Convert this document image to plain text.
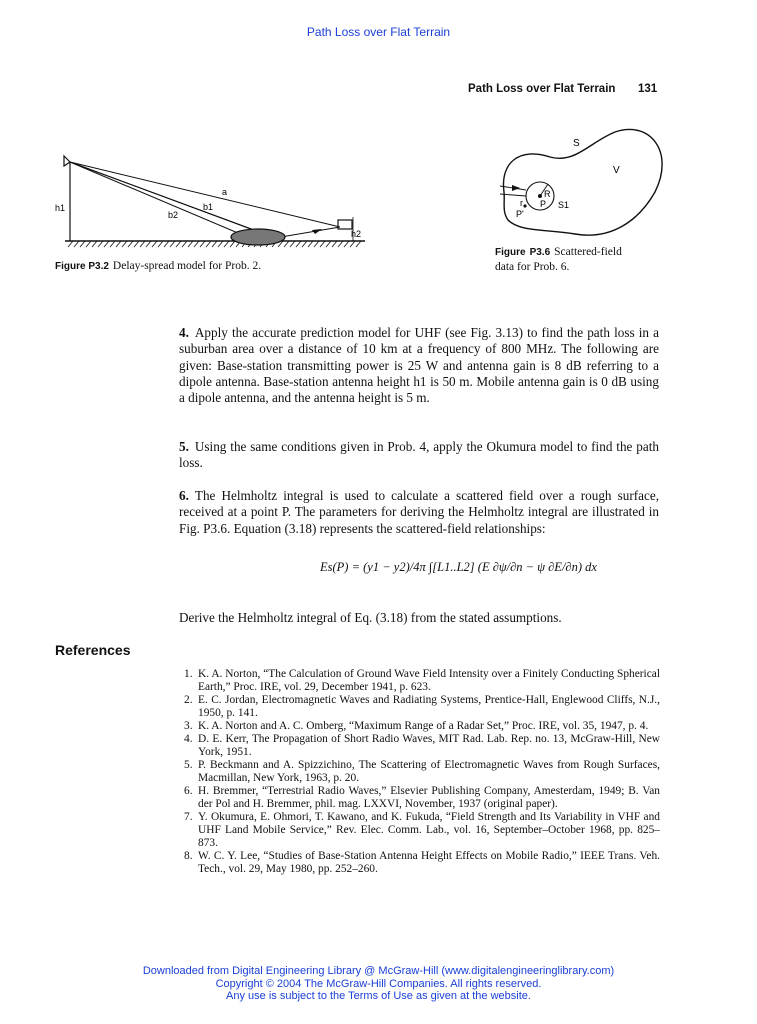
Path Loss over Flat Terrain
Path Loss over Flat Terrain 131
h2
a
b1
b2
h1
Figure P3.2 Delay-spread model for Prob. 2.
S
V
R
P S1
r
P'
Figure P3.6 Scattered-field
data for Prob. 6.
4. Apply the accurate prediction model for UHF (see Fig. 3.13) to find the path loss in a suburban area over a distance of 10 km at a frequency of 800 MHz. The following are given: Base-station transmitting power is 25 W and antenna gain is 8 dB referring to a dipole antenna. Base-station antenna height h1 is 50 m. Mobile antenna gain is 0 dB using a dipole antenna, and the antenna height is 5 m.
5. Using the same conditions given in Prob. 4, apply the Okumura model to find the path loss.
6. The Helmholtz integral is used to calculate a scattered field over a rough surface, received at a point P. The parameters for deriving the Helmholtz integral are illustrated in Fig. P3.6. Equation (3.18) represents the scattered-field relationships:
Es(P) = (y1 − y2)/4π ∫[L1..L2] (E ∂ψ/∂n − ψ ∂E/∂n) dx
Derive the Helmholtz integral of Eq. (3.18) from the stated assumptions.
References
1. K. A. Norton, “The Calculation of Ground Wave Field Intensity over a Finitely Conducting Spherical Earth,” Proc. IRE, vol. 29, December 1941, p. 623.
2. E. C. Jordan, Electromagnetic Waves and Radiating Systems, Prentice-Hall, Englewood Cliffs, N.J., 1950, p. 141.
3. K. A. Norton and A. C. Omberg, “Maximum Range of a Radar Set,” Proc. IRE, vol. 35, 1947, p. 4.
4. D. E. Kerr, The Propagation of Short Radio Waves, MIT Rad. Lab. Rep. no. 13, McGraw-Hill, New York, 1951.
5. P. Beckmann and A. Spizzichino, The Scattering of Electromagnetic Waves from Rough Surfaces, Macmillan, New York, 1963, p. 20.
6. H. Bremmer, “Terrestrial Radio Waves,” Elsevier Publishing Company, Amesterdam, 1949; B. Van der Pol and H. Bremmer, phil. mag. LXXVI, November, 1937 (original paper).
7. Y. Okumura, E. Ohmori, T. Kawano, and K. Fukuda, “Field Strength and Its Variability in VHF and UHF Land Mobile Service,” Rev. Elec. Comm. Lab., vol. 16, September–October 1968, pp. 825–873.
8. W. C. Y. Lee, “Studies of Base-Station Antenna Height Effects on Mobile Radio,” IEEE Trans. Veh. Tech., vol. 29, May 1980, pp. 252–260.
Downloaded from Digital Engineering Library @ McGraw-Hill (www.digitalengineeringlibrary.com)
Copyright © 2004 The McGraw-Hill Companies. All rights reserved.
Any use is subject to the Terms of Use as given at the website.
